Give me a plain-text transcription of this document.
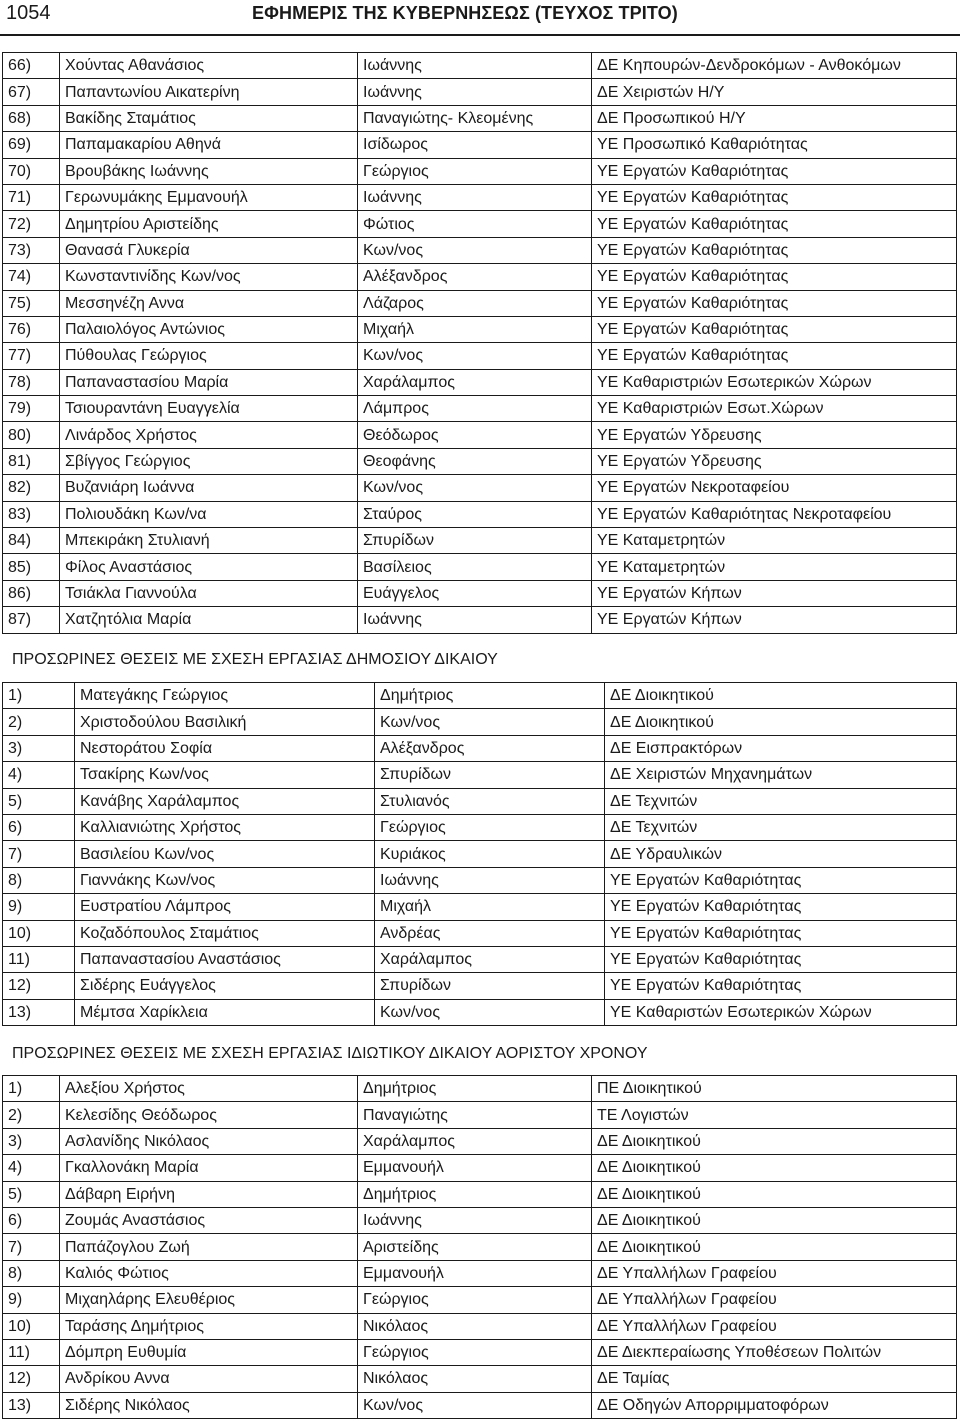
1054	ΕΦΗΜΕΡΙΣ ΤΗΣ ΚΥΒΕΡΝΗΣΕΩΣ (ΤΕΥΧΟΣ ΤΡΙΤΟ)
66)	Χούντας Αθανάσιος	Ιωάννης	ΔΕ Κηπουρών-Δενδροκόμων - Ανθοκόμων
67)	Παπαντωνίου Αικατερίνη	Ιωάννης	ΔΕ Χειριστών Η/Υ
68)	Βακίδης Σταμάτιος	Παναγιώτης- Κλεομένης	ΔΕ Προσωπικού Η/Υ
69)	Παπαμακαρίου Αθηνά	Ισίδωρος	ΥΕ Προσωπικό Καθαριότητας
70)	Βρουβάκης Ιωάννης	Γεώργιος	ΥΕ Εργατών Καθαριότητας
71)	Γερωνυμάκης Εμμανουήλ	Ιωάννης	ΥΕ Εργατών Καθαριότητας
72)	Δημητρίου Αριστείδης	Φώτιος	ΥΕ Εργατών Καθαριότητας
73)	Θανασά Γλυκερία	Κων/νος	ΥΕ Εργατών Καθαριότητας
74)	Κωνσταντινίδης Κων/νος	Αλέξανδρος	ΥΕ Εργατών Καθαριότητας
75)	Μεσσηνέζη Αννα	Λάζαρος	ΥΕ Εργατών Καθαριότητας
76)	Παλαιολόγος Αντώνιος	Μιχαήλ	ΥΕ Εργατών Καθαριότητας
77)	Πύθουλας Γεώργιος	Κων/νος	ΥΕ Εργατών Καθαριότητας
78)	Παπαναστασίου Μαρία	Χαράλαμπος	ΥΕ Καθαριστριών Εσωτερικών Χώρων
79)	Τσιουραντάνη Ευαγγελία	Λάμπρος	ΥΕ Καθαριστριών Εσωτ.Χώρων
80)	Λινάρδος Χρήστος	Θεόδωρος	ΥΕ Εργατών Υδρευσης
81)	Σβίγγος Γεώργιος	Θεοφάνης	ΥΕ Εργατών Υδρευσης
82)	Βυζανιάρη Ιωάννα	Κων/νος	ΥΕ Εργατών Νεκροταφείου
83)	Πολιουδάκη Κων/να	Σταύρος	ΥΕ Εργατών Καθαριότητας Νεκροταφείου
84)	Μπεκιράκη Στυλιανή	Σπυρίδων	ΥΕ Καταμετρητών
85)	Φίλος Αναστάσιος	Βασίλειος	ΥΕ Καταμετρητών
86)	Τσιάκλα Γιαννούλα	Ευάγγελος	ΥΕ Εργατών Κήπων
87)	Χατζητόλια Μαρία	Ιωάννης	ΥΕ Εργατών Κήπων
ΠΡΟΣΩΡΙΝΕΣ ΘΕΣΕΙΣ ΜΕ ΣΧΕΣΗ ΕΡΓΑΣΙΑΣ ΔΗΜΟΣΙΟΥ ΔΙΚΑΙΟΥ
1)	Ματεγάκης Γεώργιος	Δημήτριος	ΔΕ Διοικητικού
2)	Χριστοδούλου Βασιλική	Κων/νος	ΔΕ Διοικητικού
3)	Νεστοράτου Σοφία	Αλέξανδρος	ΔΕ Εισπρακτόρων
4)	Τσακίρης Κων/νος	Σπυρίδων	ΔΕ Χειριστών Μηχανημάτων
5)	Κανάβης Χαράλαμπος	Στυλιανός	ΔΕ Τεχνιτών
6)	Καλλιανιώτης Χρήστος	Γεώργιος	ΔΕ Τεχνιτών
7)	Βασιλείου Κων/νος	Κυριάκος	ΔΕ Υδραυλικών
8)	Γιαννάκης Κων/νος	Ιωάννης	ΥΕ Εργατών Καθαριότητας
9)	Ευστρατίου Λάμπρος	Μιχαήλ	ΥΕ Εργατών Καθαριότητας
10)	Κοζαδόπουλος Σταμάτιος	Ανδρέας	ΥΕ Εργατών Καθαριότητας
11)	Παπαναστασίου Αναστάσιος	Χαράλαμπος	ΥΕ Εργατών Καθαριότητας
12)	Σιδέρης Ευάγγελος	Σπυρίδων	ΥΕ Εργατών Καθαριότητας
13)	Μέμτσα Χαρίκλεια	Κων/νος	ΥΕ Καθαριστών Εσωτερικών Χώρων
ΠΡΟΣΩΡΙΝΕΣ ΘΕΣΕΙΣ ΜΕ ΣΧΕΣΗ ΕΡΓΑΣΙΑΣ ΙΔΙΩΤΙΚΟΥ ΔΙΚΑΙΟΥ ΑΟΡΙΣΤΟΥ ΧΡΟΝΟΥ
1)	Αλεξίου Χρήστος	Δημήτριος	ΠΕ Διοικητικού
2)	Κελεσίδης Θεόδωρος	Παναγιώτης	ΤΕ Λογιστών
3)	Ασλανίδης Νικόλαος	Χαράλαμπος	ΔΕ Διοικητικού
4)	Γκαλλονάκη Μαρία	Εμμανουήλ	ΔΕ Διοικητικού
5)	Δάβαρη Ειρήνη	Δημήτριος	ΔΕ Διοικητικού
6)	Ζουμάς Αναστάσιος	Ιωάννης	ΔΕ Διοικητικού
7)	Παπάζογλου Ζωή	Αριστείδης	ΔΕ Διοικητικού
8)	Καλιός Φώτιος	Εμμανουήλ	ΔΕ Υπαλλήλων Γραφείου
9)	Μιχαηλάρης Ελευθέριος	Γεώργιος	ΔΕ Υπαλλήλων Γραφείου
10)	Ταράσης Δημήτριος	Νικόλαος	ΔΕ Υπαλλήλων Γραφείου
11)	Δόμπρη Ευθυμία	Γεώργιος	ΔΕ Διεκπεραίωσης Υποθέσεων Πολιτών
12)	Ανδρίκου Αννα	Νικόλαος	ΔΕ Ταμίας
13)	Σιδέρης Νικόλαος	Κων/νος	ΔΕ Οδηγών Απορριμματοφόρων
